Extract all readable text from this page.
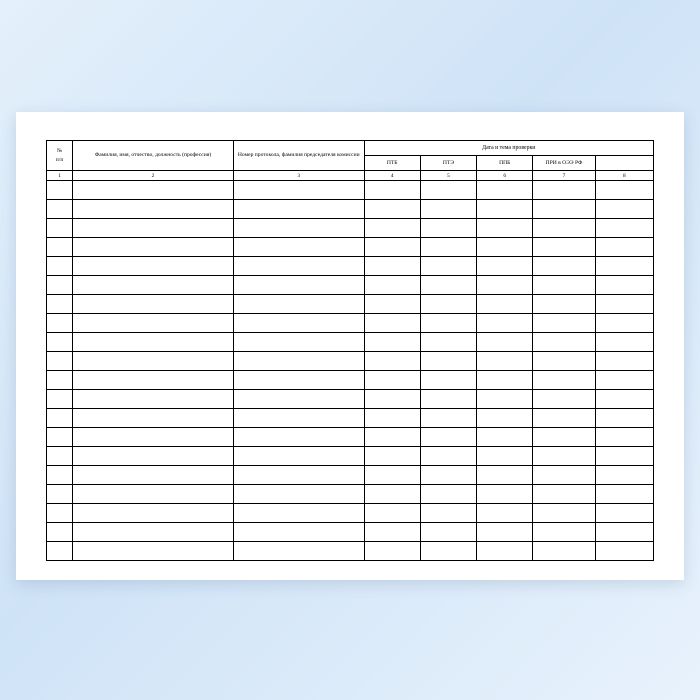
№
п/п	Фамилия, имя, отчество, должность (профессия)	Номер протокола, фамилия председателя комиссии	Дата и тема проверки				
			ПТБ	ПТЭ	ППБ	ПРИ в ОЭЭ РФ	
1	2	3	4	5	6	7	8
